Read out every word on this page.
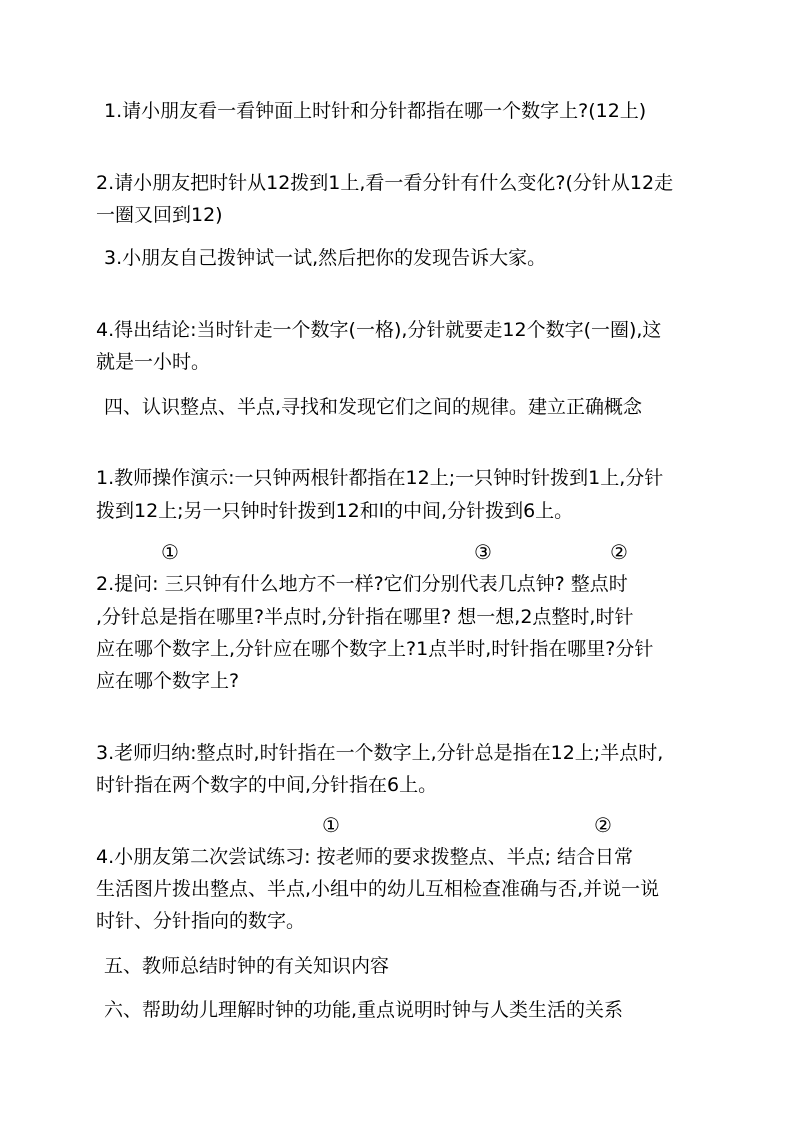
1.请小朋友看一看钟面上时针和分针都指在哪一个数字上?(12上)
2.请小朋友把时针从12拨到1上,看一看分针有什么变化?(分针从12走
一圈又回到12)
3.小朋友自己拨钟试一试,然后把你的发现告诉大家。
4.得出结论:当时针走一个数字(一格),分针就要走12个数字(一圈),这
就是一小时。
四、认识整点、半点,寻找和发现它们之间的规律。建立正确概念
1.教师操作演示:一只钟两根针都指在12上;一只钟时针拨到1上,分针
拨到12上;另一只钟时针拨到12和l的中间,分针拨到6上。
①	③	②
2.提问: 三只钟有什么地方不一样?它们分别代表几点钟? 整点时
,分针总是指在哪里?半点时,分针指在哪里? 想一想,2点整时,时针
应在哪个数字上,分针应在哪个数字上?1点半时,时针指在哪里?分针
应在哪个数字上?
3.老师归纳:整点时,时针指在一个数字上,分针总是指在12上;半点时,
时针指在两个数字的中间,分针指在6上。
①	②
4.小朋友第二次尝试练习: 按老师的要求拨整点、半点; 结合日常
生活图片拨出整点、半点,小组中的幼儿互相检查准确与否,并说一说
时针、分针指向的数字。
五、教师总结时钟的有关知识内容
六、帮助幼儿理解时钟的功能,重点说明时钟与人类生活的关系
